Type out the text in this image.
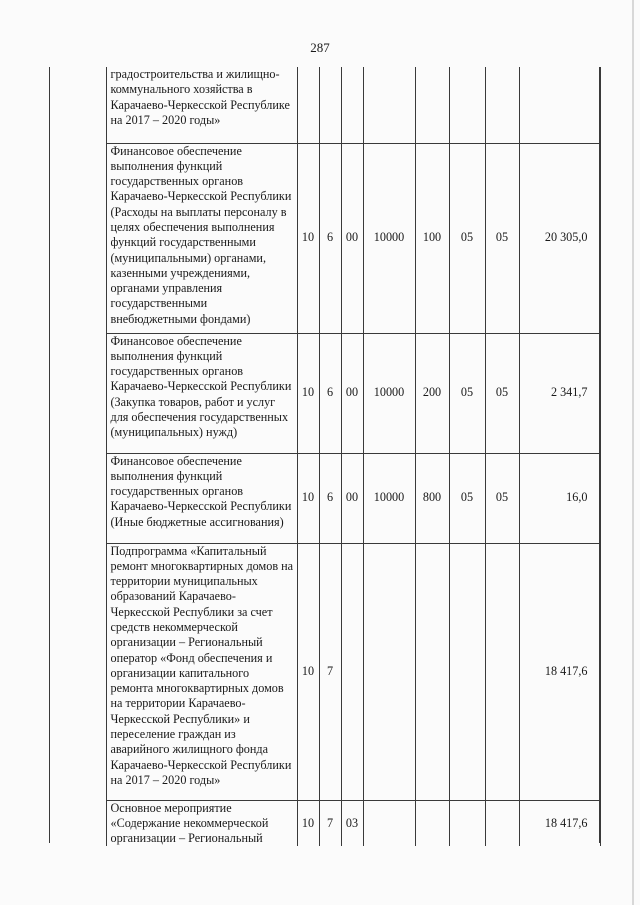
287
	градостроительства и жилищно-коммунального хозяйства в Карачаево-Черкесской Республике на 2017 – 2020 годы»								
	Финансовое обеспечение выполнения функций государственных органов Карачаево-Черкесской Республики (Расходы на выплаты персоналу в целях обеспечения выполнения функций государственными (муниципальными) органами, казенными учреждениями, органами управления государственными внебюджетными фондами)	10	6	00	10000	100	05	05	20 305,0
	Финансовое обеспечение выполнения функций государственных органов Карачаево-Черкесской Республики (Закупка товаров, работ и услуг для обеспечения государственных (муниципальных) нужд)	10	6	00	10000	200	05	05	2 341,7
	Финансовое обеспечение выполнения функций государственных органов Карачаево-Черкесской Республики (Иные бюджетные ассигнования)	10	6	00	10000	800	05	05	16,0
	Подпрограмма «Капитальный ремонт многоквартирных домов на территории муниципальных образований Карачаево-Черкесской Республики за счет средств некоммерческой организации – Региональный оператор «Фонд обеспечения и организации капитального ремонта многоквартирных домов на территории Карачаево-Черкесской Республики» и переселение граждан из аварийного жилищного фонда Карачаево-Черкесской Республики на 2017 – 2020 годы»	10	7						18 417,6
	Основное мероприятие «Содержание некоммерческой организации – Региональный	10	7	03					18 417,6
